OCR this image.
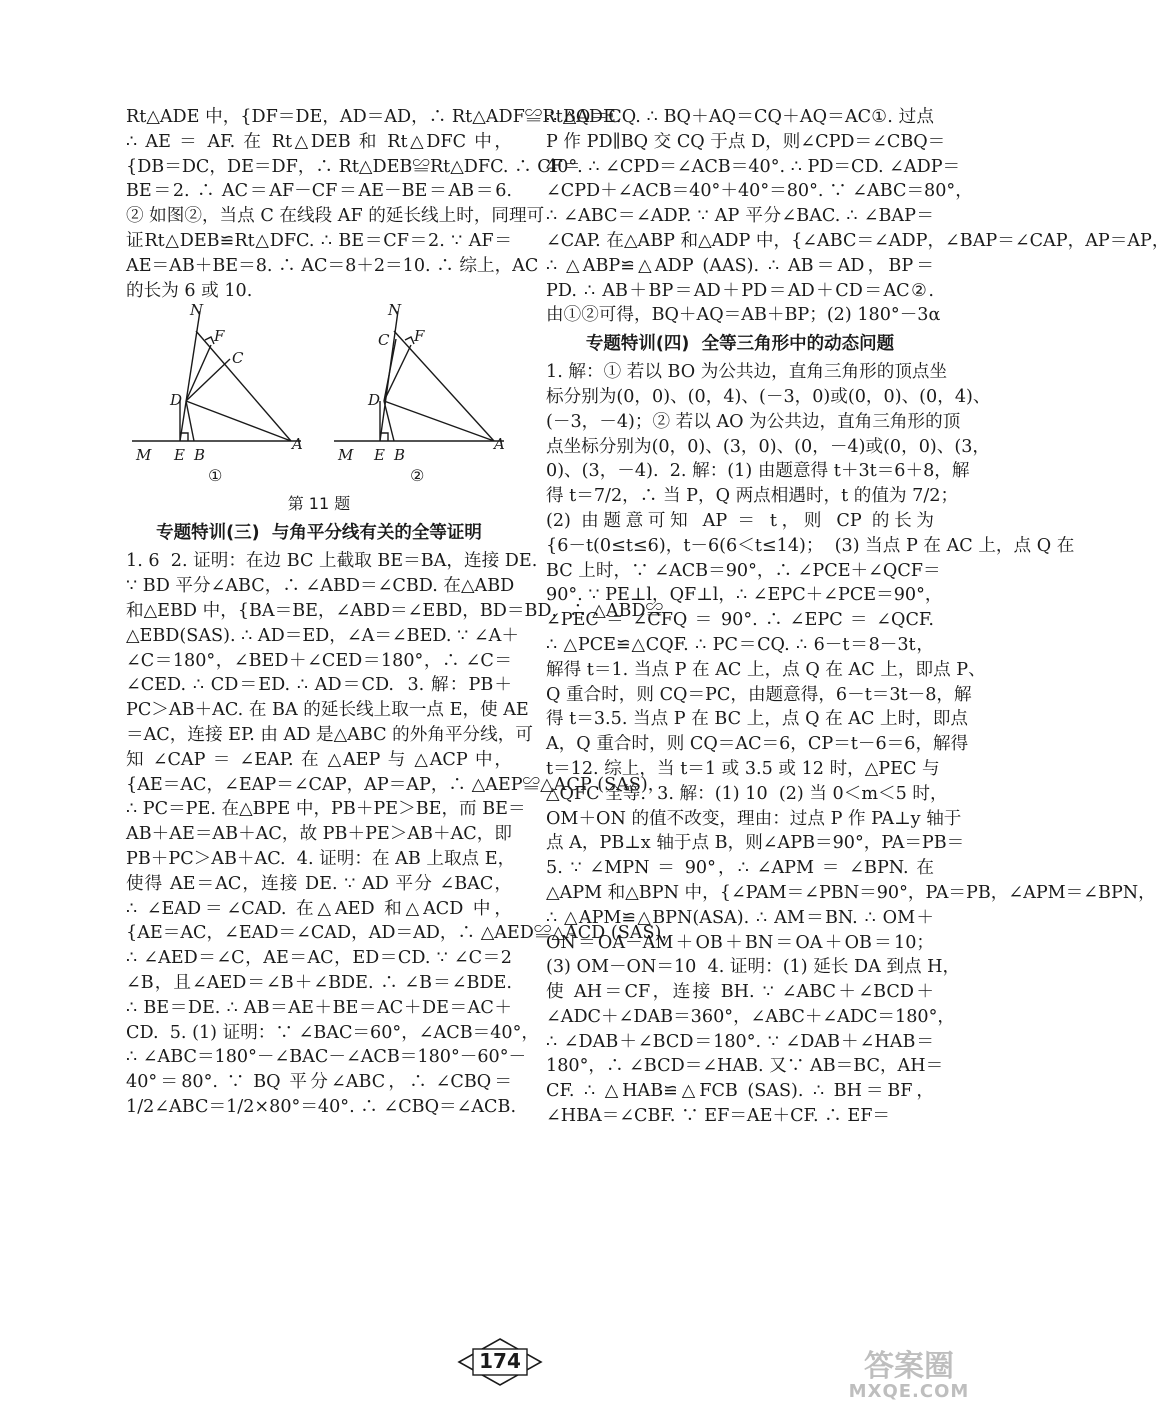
Rt△ADE 中，{DF＝DE，AD＝AD，∴ Rt△ADF≌Rt△ADE.
∴ AE ＝ AF. 在 Rt△DEB 和 Rt△DFC 中，
{DB＝DC，DE＝DF，∴ Rt△DEB≌Rt△DFC. ∴ CF＝
BE＝2. ∴ AC＝AF－CF＝AE－BE＝AB＝6.
② 如图②，当点 C 在线段 AF 的延长线上时，同理可
证Rt△DEB≌Rt△DFC. ∴ BE＝CF＝2. ∵ AF＝
AE＝AB＋BE＝8. ∴ AC＝8＋2＝10. ∴ 综上，AC
的长为 6 或 10.
N
F
C
D
M E B
A
N
F
C
D
M E B
A
①	②
第 11 题
专题特训(三)  与角平分线有关的全等证明
1. 6  2. 证明：在边 BC 上截取 BE＝BA，连接 DE.
∵ BD 平分∠ABC，∴ ∠ABD＝∠CBD. 在△ABD
和△EBD 中，{BA＝BE，∠ABD＝∠EBD，BD＝BD，∴ △ABD≌
△EBD(SAS). ∴ AD＝ED，∠A＝∠BED. ∵ ∠A＋
∠C＝180°，∠BED＋∠CED＝180°，∴ ∠C＝
∠CED. ∴ CD＝ED. ∴ AD＝CD.  3. 解：PB＋
PC＞AB＋AC. 在 BA 的延长线上取一点 E，使 AE
＝AC，连接 EP. 由 AD 是△ABC 的外角平分线，可
知 ∠CAP ＝ ∠EAP. 在 △AEP 与 △ACP 中，
{AE＝AC，∠EAP＝∠CAP，AP＝AP，∴ △AEP≌△ACP (SAS)，
∴ PC＝PE. 在△BPE 中，PB＋PE＞BE，而 BE＝
AB＋AE＝AB＋AC，故 PB＋PE＞AB＋AC，即
PB＋PC＞AB＋AC.  4. 证明：在 AB 上取点 E，
使得 AE＝AC，连接 DE. ∵ AD 平分 ∠BAC，
∴ ∠EAD＝∠CAD. 在△AED 和△ACD 中，
{AE＝AC，∠EAD＝∠CAD，AD＝AD，∴ △AED≌△ACD (SAS)，
∴ ∠AED＝∠C，AE＝AC，ED＝CD. ∵ ∠C＝2
∠B，且∠AED＝∠B＋∠BDE. ∴ ∠B＝∠BDE.
∴ BE＝DE. ∴ AB＝AE＋BE＝AC＋DE＝AC＋
CD.  5. (1) 证明：∵ ∠BAC＝60°，∠ACB＝40°，
∴ ∠ABC＝180°－∠BAC－∠ACB＝180°－60°－
40°＝80°. ∵ BQ 平分∠ABC，∴ ∠CBQ＝
1/2∠ABC＝1/2×80°＝40°. ∴ ∠CBQ＝∠ACB.
∴ BQ＝CQ. ∴ BQ＋AQ＝CQ＋AQ＝AC①. 过点
P 作 PD∥BQ 交 CQ 于点 D，则∠CPD＝∠CBQ＝
40°. ∴ ∠CPD＝∠ACB＝40°. ∴ PD＝CD. ∠ADP＝
∠CPD＋∠ACB＝40°＋40°＝80°. ∵ ∠ABC＝80°，
∴ ∠ABC＝∠ADP. ∵ AP 平分∠BAC. ∴ ∠BAP＝
∠CAP. 在△ABP 和△ADP 中，{∠ABC＝∠ADP，∠BAP＝∠CAP，AP＝AP，
∴ △ABP≌△ADP (AAS). ∴ AB＝AD，BP＝
PD. ∴ AB＋BP＝AD＋PD＝AD＋CD＝AC②.
由①②可得，BQ＋AQ＝AB＋BP；(2) 180°－3α
专题特训(四)  全等三角形中的动态问题
1. 解：① 若以 BO 为公共边，直角三角形的顶点坐
标分别为(0，0)、(0，4)、(－3，0)或(0，0)、(0，4)、
(－3，－4)；② 若以 AO 为公共边，直角三角形的顶
点坐标分别为(0，0)、(3，0)、(0，－4)或(0，0)、(3，
0)、(3，－4).  2. 解：(1) 由题意得 t＋3t＝6＋8，解
得 t＝7/2，∴ 当 P，Q 两点相遇时，t 的值为 7/2；
(2) 由题意可知 AP ＝ t，则 CP 的长为
{6－t(0≤t≤6)，t－6(6＜t≤14)；  (3) 当点 P 在 AC 上，点 Q 在
BC 上时，∵ ∠ACB＝90°，∴ ∠PCE＋∠QCF＝
90°. ∵ PE⊥l，QF⊥l，∴ ∠EPC＋∠PCE＝90°，
∠PEC ＝ ∠CFQ ＝ 90°. ∴ ∠EPC ＝ ∠QCF.
∴ △PCE≌△CQF. ∴ PC＝CQ. ∴ 6－t＝8－3t，
解得 t＝1. 当点 P 在 AC 上，点 Q 在 AC 上，即点 P、
Q 重合时，则 CQ＝PC，由题意得，6－t＝3t－8，解
得 t＝3.5. 当点 P 在 BC 上，点 Q 在 AC 上时，即点
A，Q 重合时，则 CQ＝AC＝6，CP＝t－6＝6，解得
t＝12. 综上，当 t＝1 或 3.5 或 12 时，△PEC 与
△QFC 全等.  3. 解：(1) 10  (2) 当 0＜m＜5 时，
OM＋ON 的值不改变，理由：过点 P 作 PA⊥y 轴于
点 A，PB⊥x 轴于点 B，则∠APB＝90°，PA＝PB＝
5. ∵ ∠MPN ＝ 90°，∴ ∠APM ＝ ∠BPN. 在
△APM 和△BPN 中，{∠PAM＝∠PBN＝90°，PA＝PB，∠APM＝∠BPN，
∴ △APM≌△BPN(ASA). ∴ AM＝BN. ∴ OM＋
ON＝OA－AM＋OB＋BN＝OA＋OB＝10；
(3) OM－ON＝10  4. 证明：(1) 延长 DA 到点 H，
使 AH＝CF，连接 BH. ∵ ∠ABC＋∠BCD＋
∠ADC＋∠DAB＝360°，∠ABC＋∠ADC＝180°，
∴ ∠DAB＋∠BCD＝180°. ∵ ∠DAB＋∠HAB＝
180°，∴ ∠BCD＝∠HAB. 又∵ AB＝BC，AH＝
CF. ∴ △HAB≌△FCB (SAS). ∴ BH＝BF，
∠HBA＝∠CBF. ∵ EF＝AE＋CF. ∴ EF＝
174	答案圈
MXQE.COM
